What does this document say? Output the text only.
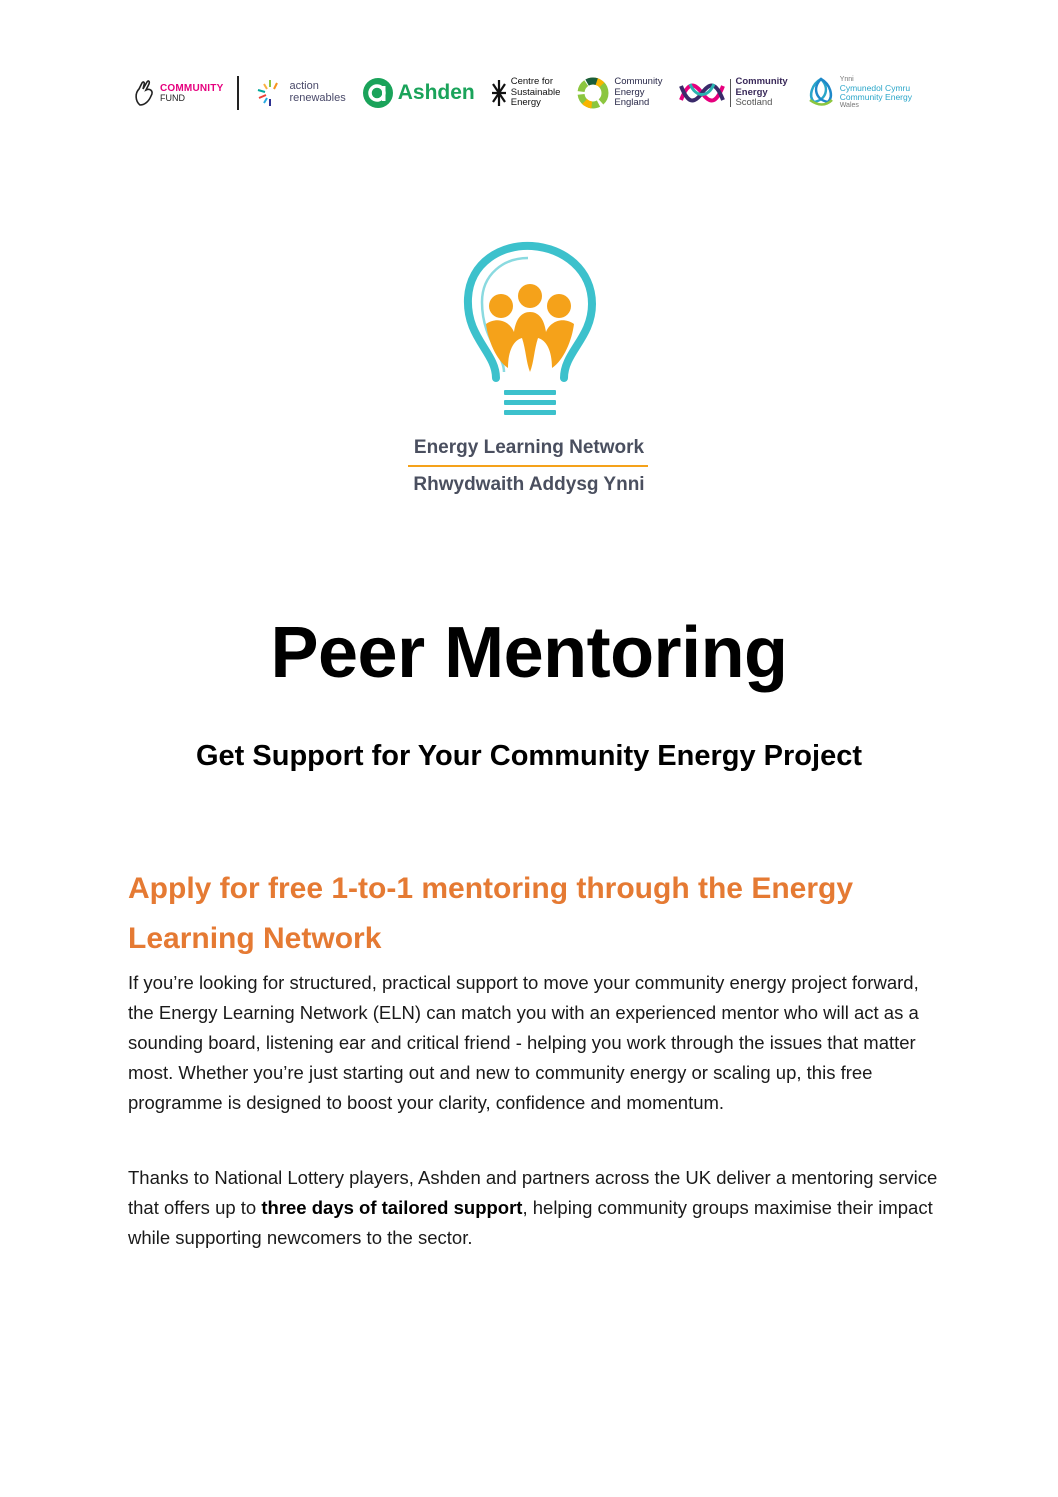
COMMUNITY
FUND
action
renewables Ashden	Centre for
Sustainable
Energy
Community
Energy
England
Community
Energy
Scotland
Ynni
Cymunedol Cymru
Community Energy
Wales
Energy Learning Network
Rhwydwaith Addysg Ynni
Peer Mentoring
Get Support for Your Community Energy Project
Apply for free 1-to-1 mentoring through the Energy Learning Network
If you’re looking for structured, practical support to move your community energy project forward, the Energy Learning Network (ELN) can match you with an experienced mentor who will act as a sounding board, listening ear and critical friend - helping you work through the issues that matter most. Whether you’re just starting out and new to community energy or scaling up, this free programme is designed to boost your clarity, confidence and momentum.
Thanks to National Lottery players, Ashden and partners across the UK deliver a mentoring service that offers up to three days of tailored support, helping community groups maximise their impact while supporting newcomers to the sector.
